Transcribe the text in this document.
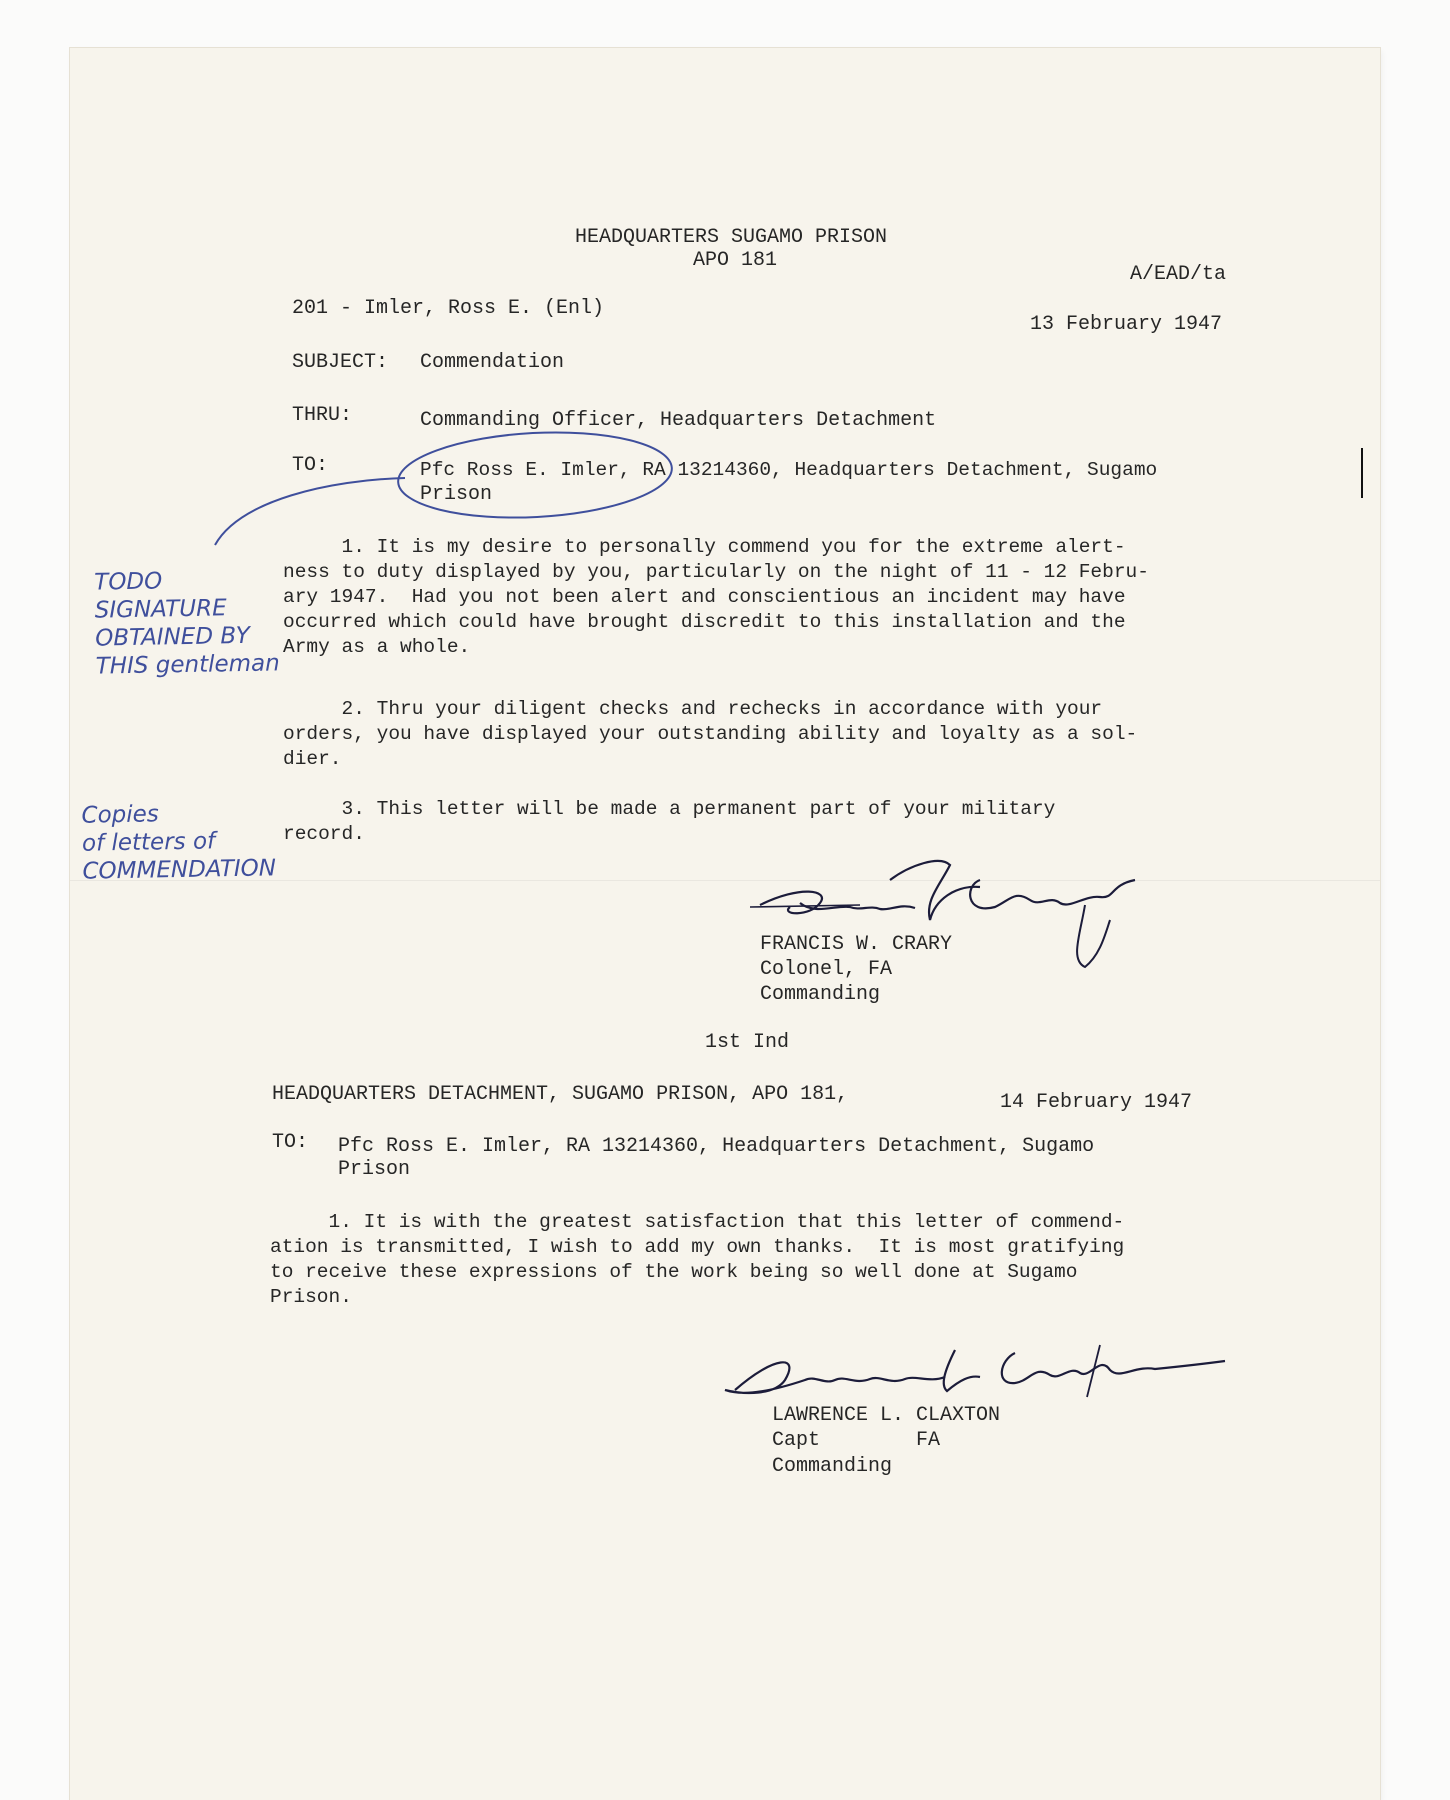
HEADQUARTERS SUGAMO PRISON
APO 181
A/EAD/ta
201 - Imler, Ross E. (Enl)
13 February 1947
SUBJECT: Commendation
THRU:	Commanding Officer, Headquarters Detachment
TO:	Pfc Ross E. Imler, RA 13214360, Headquarters Detachment, Sugamo
Prison
1. It is my desire to personally commend you for the extreme alert-
ness to duty displayed by you, particularly on the night of 11 - 12 Febru-
ary 1947.  Had you not been alert and conscientious an incident may have
occurred which could have brought discredit to this installation and the
Army as a whole.
2. Thru your diligent checks and rechecks in accordance with your
orders, you have displayed your outstanding ability and loyalty as a sol-
dier.
3. This letter will be made a permanent part of your military
record.
FRANCIS W. CRARY
Colonel, FA
Commanding
1st Ind
HEADQUARTERS DETACHMENT, SUGAMO PRISON, APO 181,	14 February 1947
TO: Pfc Ross E. Imler, RA 13214360, Headquarters Detachment, Sugamo
Prison
1. It is with the greatest satisfaction that this letter of commend-
ation is transmitted, I wish to add my own thanks.  It is most gratifying
to receive these expressions of the work being so well done at Sugamo
Prison.
LAWRENCE L. CLAXTON
Capt        FA
Commanding
TODO
SIGNATURE
OBTAINED BY
THIS gentleman
Copies
of letters of
COMMENDATION
